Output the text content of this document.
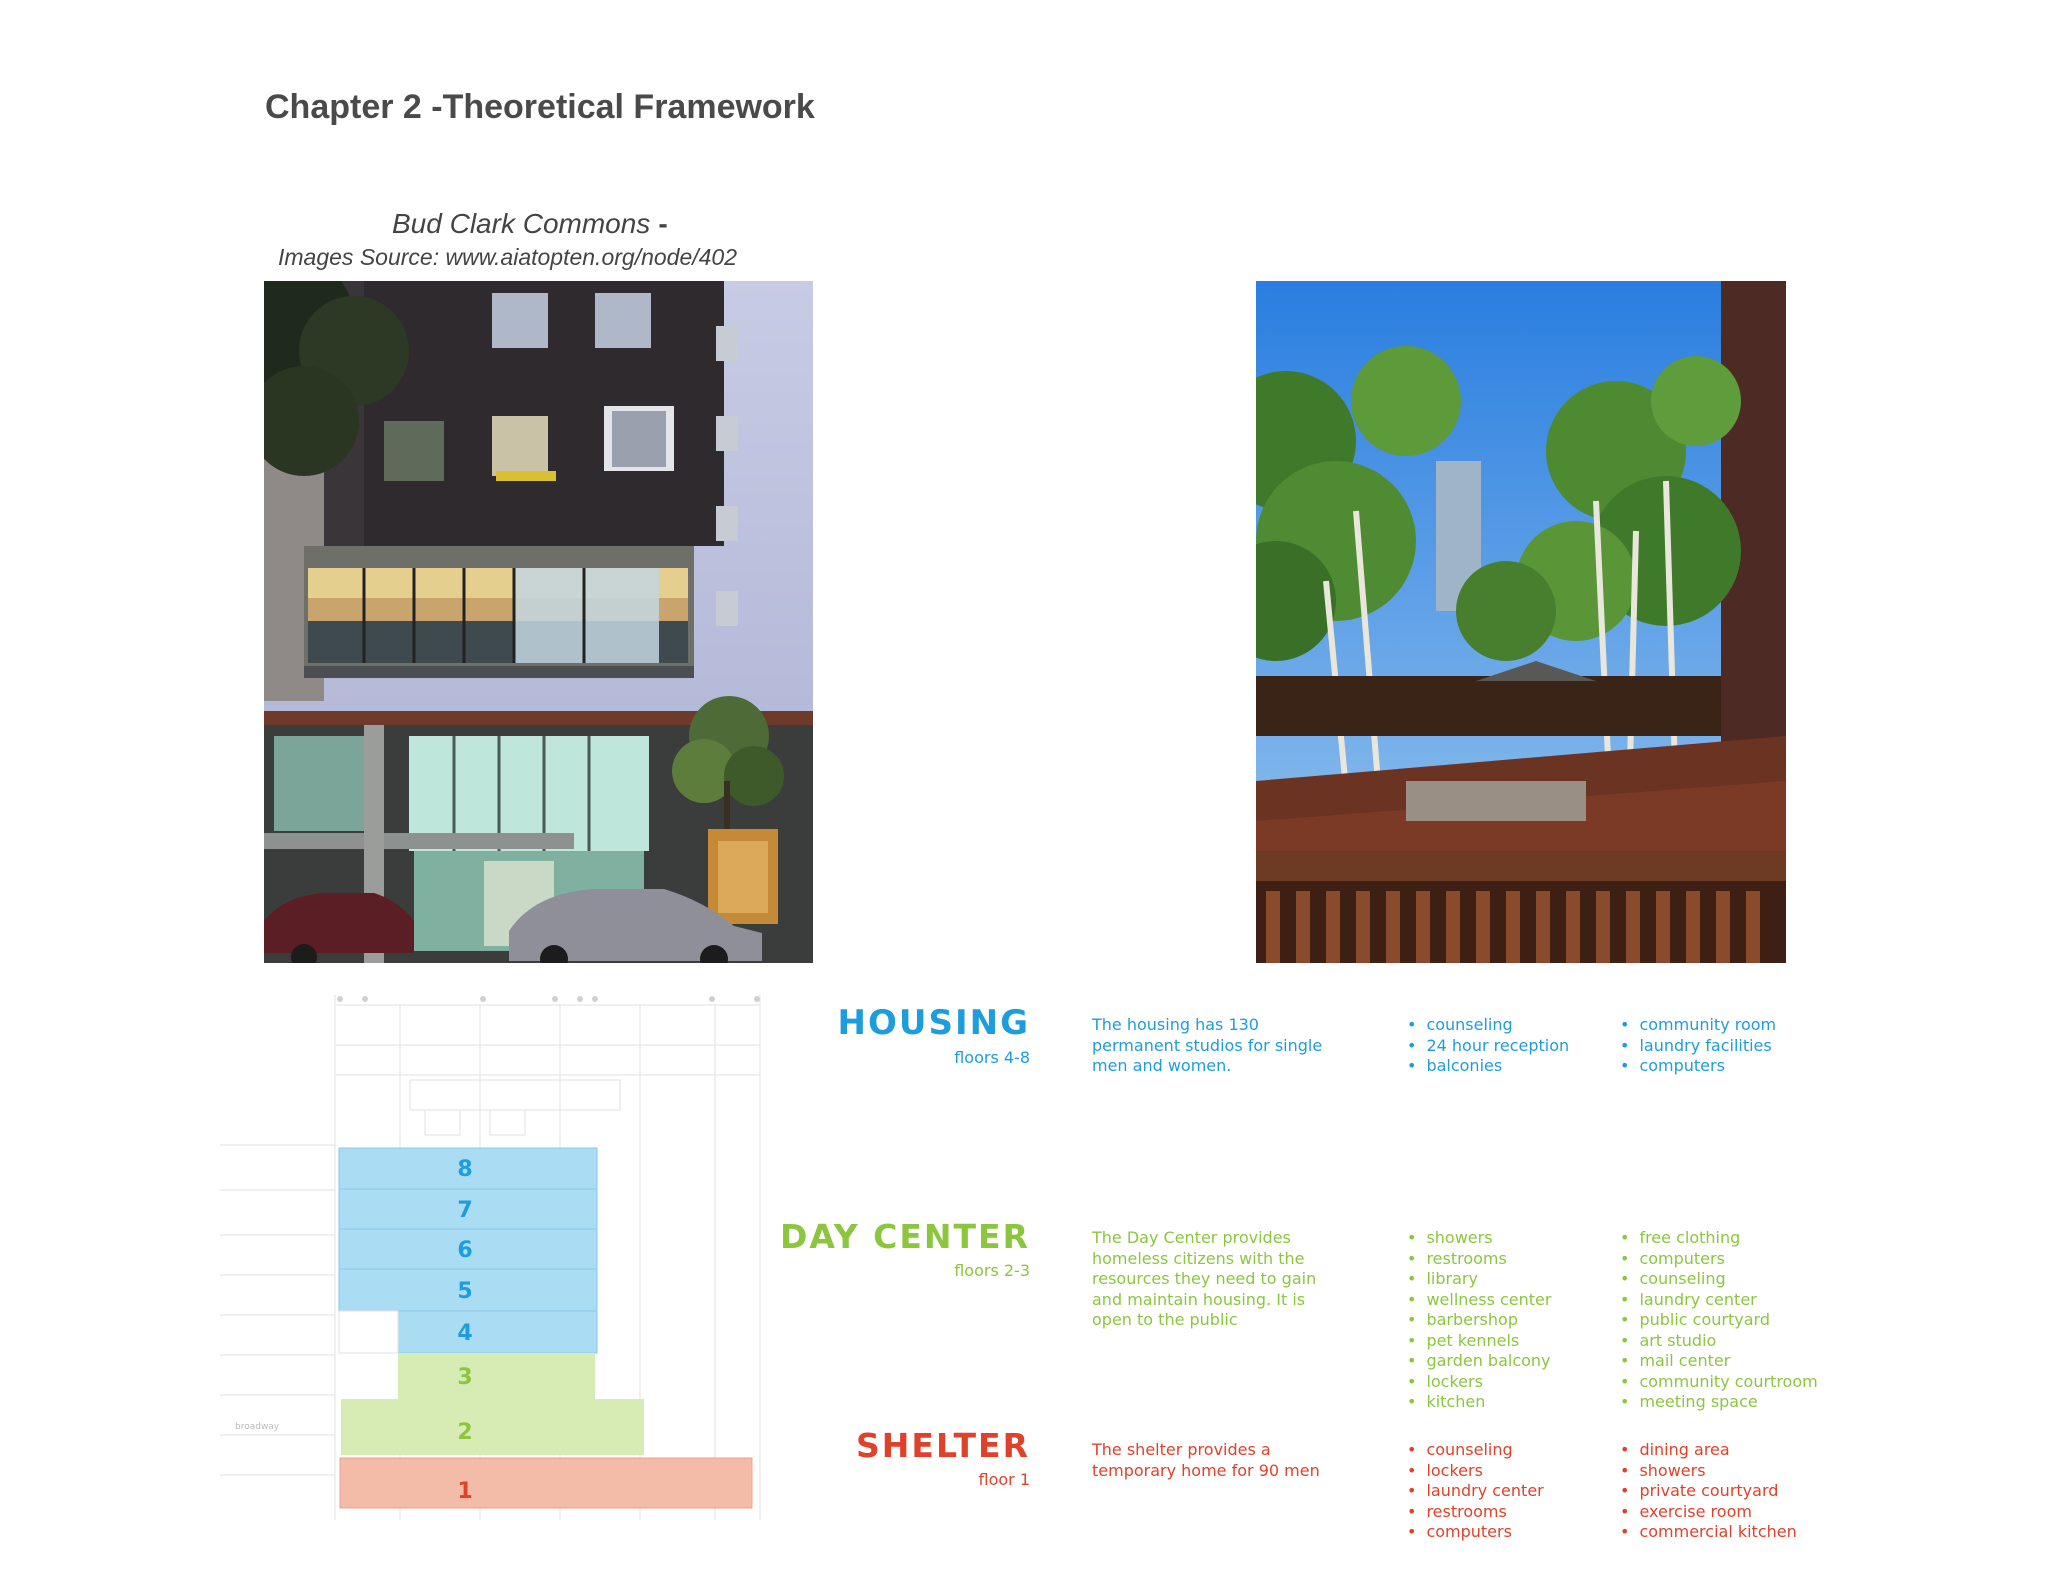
Chapter 2 -Theoretical Framework
Bud Clark Commons -
Images Source: www.aiatopten.org/node/402
8
7
6
5
4
3
2
1
broadway
HOUSING
floors 4-8
The housing has 130
permanent studios for single
men and women.
• counseling
• 24 hour reception
• balconies
• community room
• laundry facilities
• computers
DAY CENTER
floors 2-3
The Day Center provides
homeless citizens with the
resources they need to gain
and maintain housing. It is
open to the public
• showers
• restrooms
• library
• wellness center
• barbershop
• pet kennels
• garden balcony
• lockers
• kitchen
• free clothing
• computers
• counseling
• laundry center
• public courtyard
• art studio
• mail center
• community courtroom
• meeting space
SHELTER
floor 1
The shelter provides a
temporary home for 90 men
• counseling
• lockers
• laundry center
• restrooms
• computers
• dining area
• showers
• private courtyard
• exercise room
• commercial kitchen
